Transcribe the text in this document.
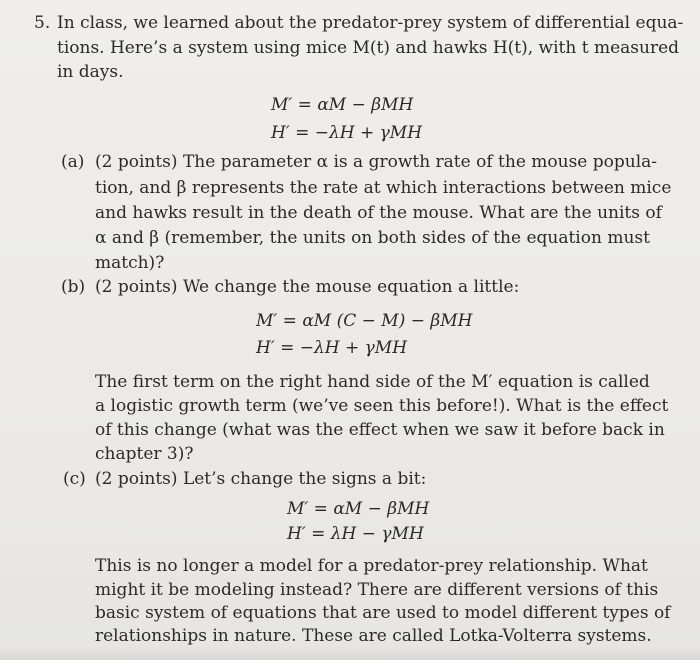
5. In class, we learned about the predator-prey system of differential equa-

tions. Here’s a system using mice M(t) and hawks H(t), with t measured

in days.

M′ = αM − βMH

H′ = −λH + γMH

(a) (2 points) The parameter α is a growth rate of the mouse popula-

tion, and β represents the rate at which interactions between mice

and hawks result in the death of the mouse. What are the units of

α and β (remember, the units on both sides of the equation must

match)?

(b) (2 points) We change the mouse equation a little:

M′ = αM (C − M) − βMH

H′ = −λH + γMH

The first term on the right hand side of the M′ equation is called

a logistic growth term (we’ve seen this before!). What is the effect

of this change (what was the effect when we saw it before back in

chapter 3)?

(c) (2 points) Let’s change the signs a bit:

M′ = αM − βMH

H′ = λH − γMH

This is no longer a model for a predator-prey relationship. What

might it be modeling instead? There are different versions of this

basic system of equations that are used to model different types of

relationships in nature. These are called Lotka-Volterra systems.
